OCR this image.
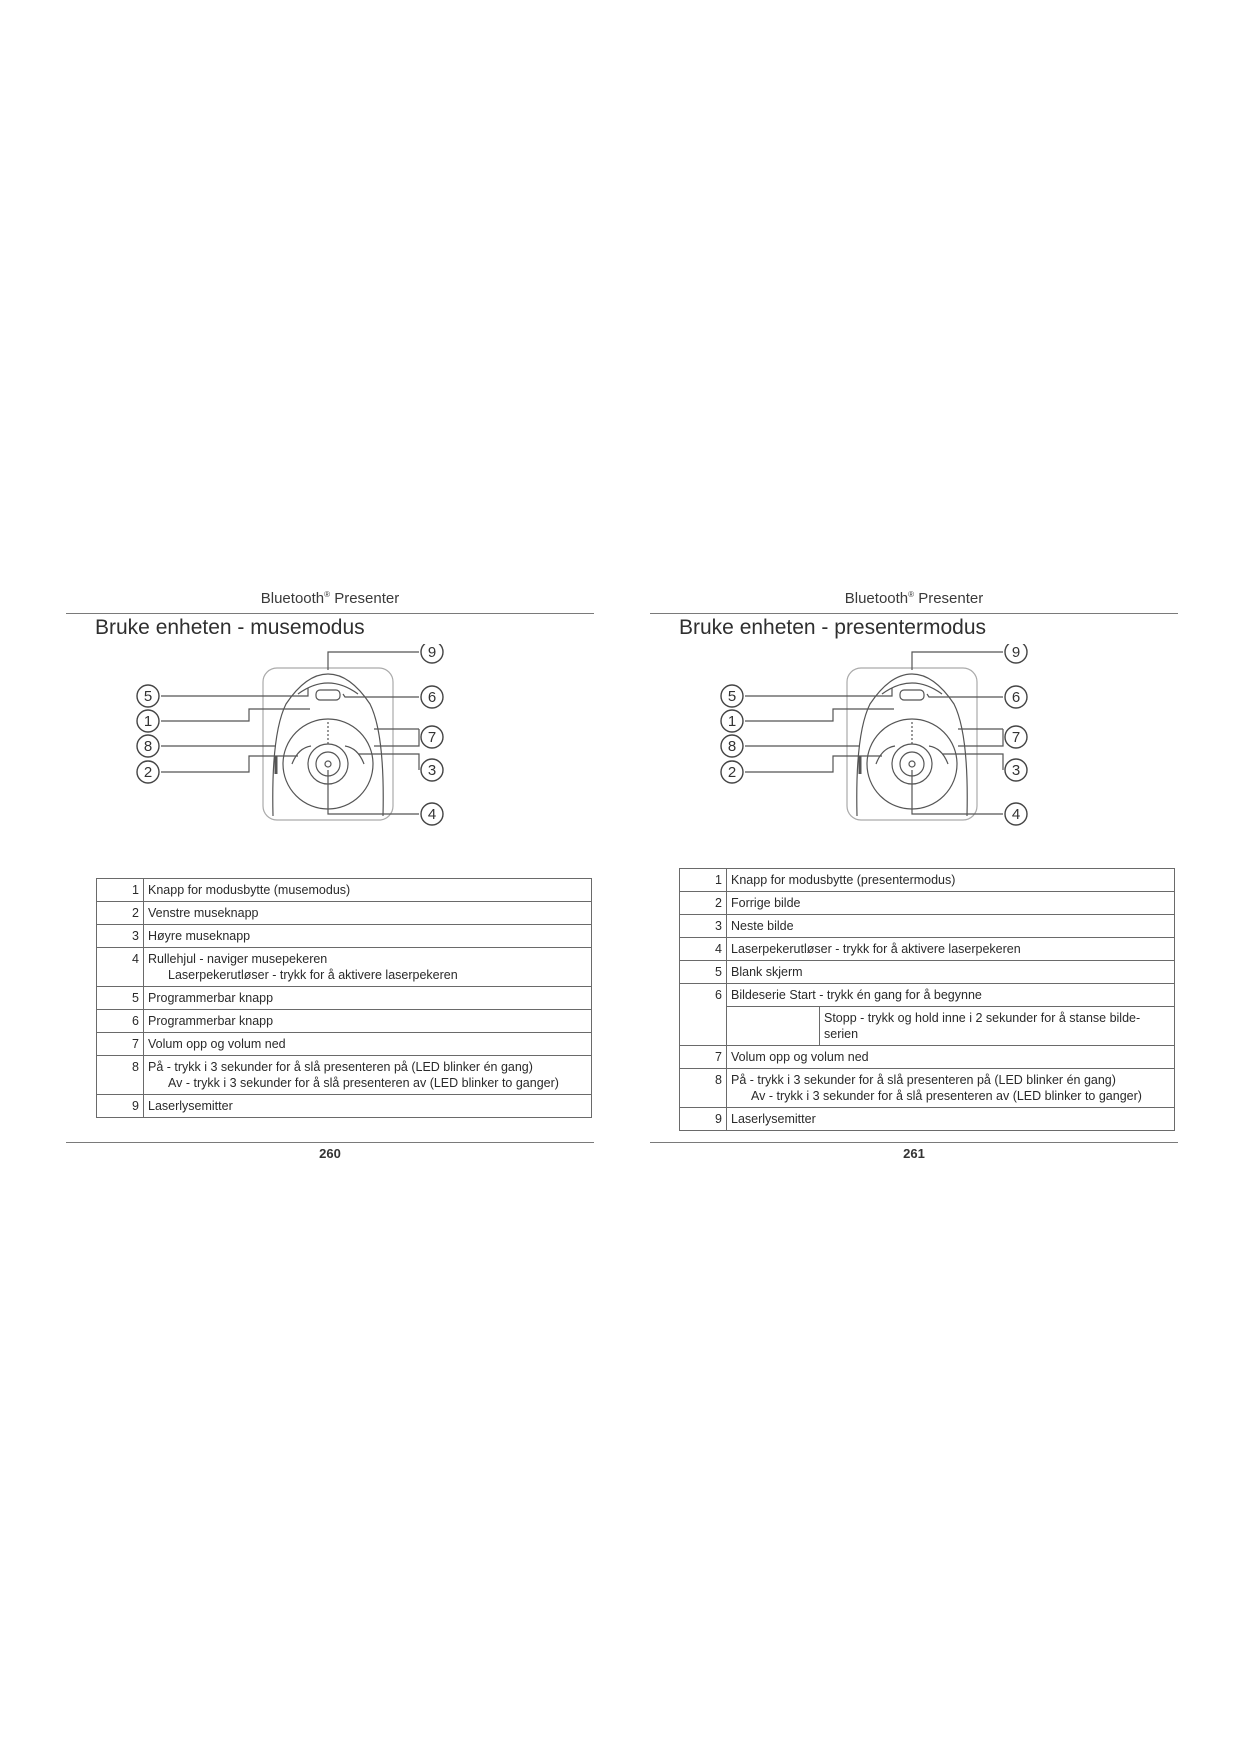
Bluetooth® Presenter
Bruke enheten - musemodus
9
5	6
1
7
8
3
2
4
1	Knapp for modusbytte (musemodus)
2	Venstre museknapp
3	Høyre museknapp
4	Rullehjul - naviger musepekeren
Laserpekerutløser - trykk for å aktivere laserpekeren

5	Programmerbar knapp
6	Programmerbar knapp
7	Volum opp og volum ned
8	På - trykk i 3 sekunder for å slå presenteren på (LED blinker én gang)
Av - trykk i 3 sekunder for å slå presenteren av (LED blinker to ganger)

9	Laserlysemitter
260
Bluetooth® Presenter
Bruke enheten - presentermodus
9
5	6
1
7
8
3
2
4
1	Knapp for modusbytte (presentermodus)	
2	Forrige bilde	
3	Neste bilde	
4	Laserpekerutløser - trykk for å aktivere laserpekeren	
5	Blank skjerm	
6	Bildeserie Start - trykk én gang for å begynne	
		Stopp - trykk og hold inne i 2 sekunder for å stanse bilde-serien
7	Volum opp og volum ned	
8	På - trykk i 3 sekunder for å slå presenteren på (LED blinker én gang)
Av - trykk i 3 sekunder for å slå presenteren av (LED blinker to ganger)	

9	Laserlysemitter	
261
